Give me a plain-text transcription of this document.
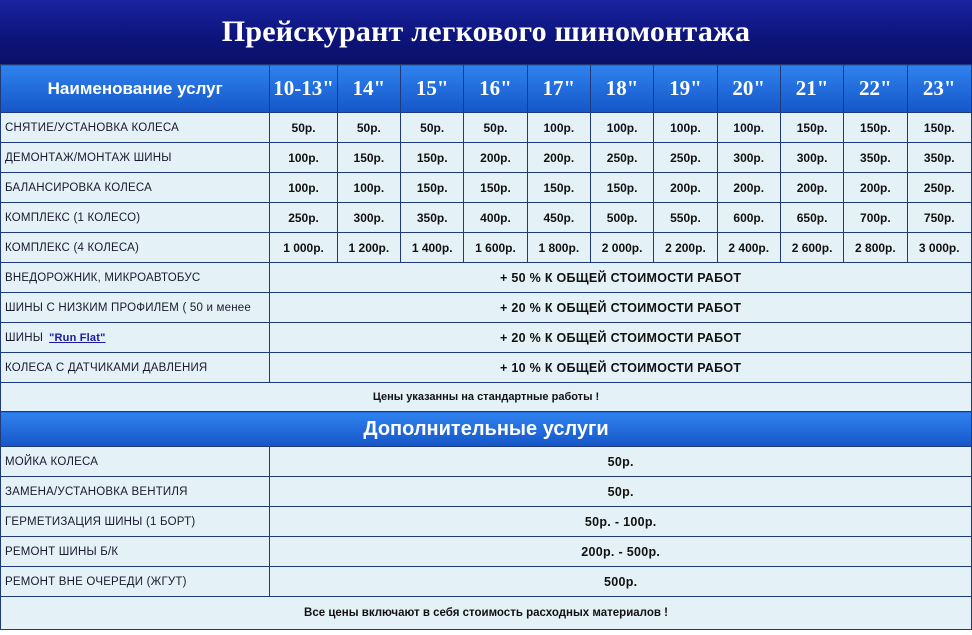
Прейскурант легкового шиномонтажа
Наименование услуг	10-13"	14"	15"	16"	17"	18"	19"	20"	21"	22"	23"
СНЯТИЕ/УСТАНОВКА КОЛЕСА	50р.	50р.	50р.	50р.	100р.	100р.	100р.	100р.	150р.	150р.	150р.
ДЕМОНТАЖ/МОНТАЖ ШИНЫ	100р.	150р.	150р.	200р.	200р.	250р.	250р.	300р.	300р.	350р.	350р.
БАЛАНСИРОВКА КОЛЕСА	100р.	100р.	150р.	150р.	150р.	150р.	200р.	200р.	200р.	200р.	250р.
КОМПЛЕКС (1 КОЛЕСО)	250р.	300р.	350р.	400р.	450р.	500р.	550р.	600р.	650р.	700р.	750р.
КОМПЛЕКС (4 КОЛЕСА)	1 000р.	1 200р.	1 400р.	1 600р.	1 800р.	2 000р.	2 200р.	2 400р.	2 600р.	2 800р.	3 000р.
ВНЕДОРОЖНИК, МИКРОАВТОБУС	+ 50 % К ОБЩЕЙ СТОИМОСТИ РАБОТ										
ШИНЫ С НИЗКИМ ПРОФИЛЕМ ( 50 и менее	+ 20 % К ОБЩЕЙ СТОИМОСТИ РАБОТ										
ШИНЫ "Run Flat"	+ 20 % К ОБЩЕЙ СТОИМОСТИ РАБОТ										
КОЛЕСА С ДАТЧИКАМИ ДАВЛЕНИЯ	+ 10 % К ОБЩЕЙ СТОИМОСТИ РАБОТ										
Цены указанны на стандартные работы !											
Дополнительные услуги											
МОЙКА КОЛЕСА	50р.										
ЗАМЕНА/УСТАНОВКА ВЕНТИЛЯ	50р.										
ГЕРМЕТИЗАЦИЯ ШИНЫ (1 БОРТ)	50р. - 100р.										
РЕМОНТ ШИНЫ Б/К	200р. - 500р.										
РЕМОНТ ВНЕ ОЧЕРЕДИ (ЖГУТ)	500р.										
Все цены включают в себя стоимость расходных материалов !											
